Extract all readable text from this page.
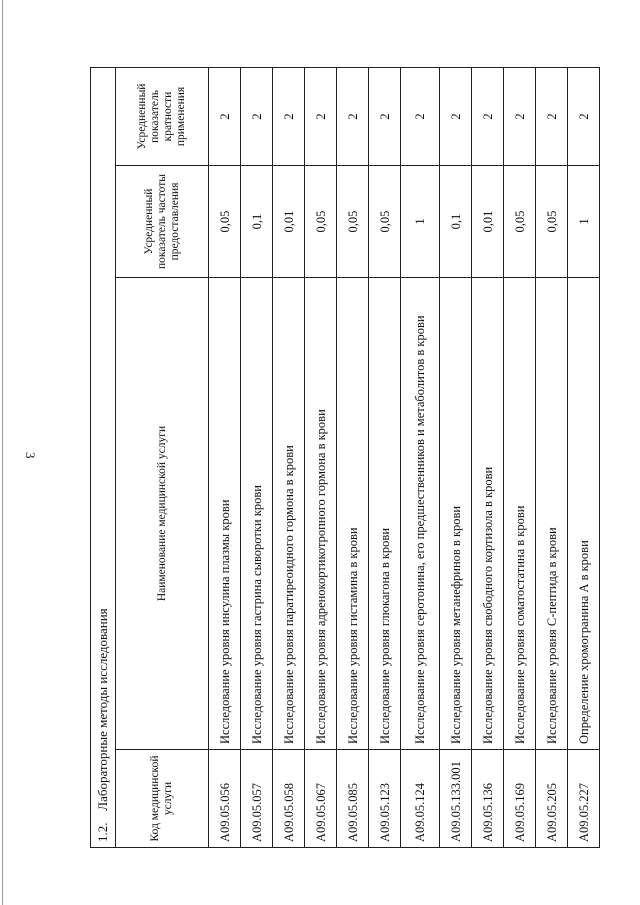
3
1.2. Лабораторные методы исследования			
Код медицинской услуги	Наименование медицинской услуги	Усредненный показатель частоты предоставления	Усредненный показатель кратности применения
A09.05.056	Исследование уровня инсулина плазмы крови	0,05	2
A09.05.057	Исследование уровня гастрина сыворотки крови	0,1	2
A09.05.058	Исследование уровня паратиреоидного гормона в крови	0,01	2
A09.05.067	Исследование уровня адренокортикотропного гормона в крови	0,05	2
A09.05.085	Исследование уровня гистамина в крови	0,05	2
A09.05.123	Исследование уровня глюкагона в крови	0,05	2
A09.05.124	Исследование уровня серотонина, его предшественников и метаболитов в крови	1	2
A09.05.133.001	Исследование уровня метанефринов в крови	0,1	2
A09.05.136	Исследование уровня свободного кортизола в крови	0,01	2
A09.05.169	Исследование уровня соматостатина в крови	0,05	2
A09.05.205	Исследование уровня С-пептида в крови	0,05	2
A09.05.227	Определение хромогранина А в крови	1	2
